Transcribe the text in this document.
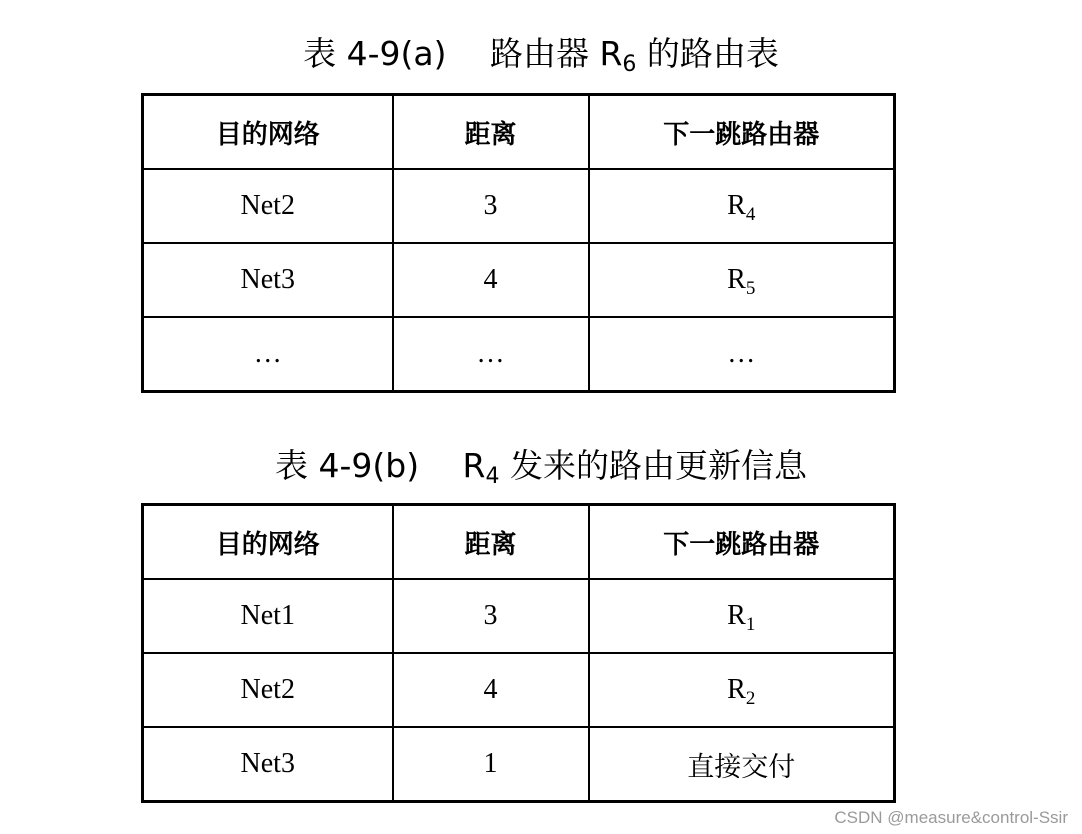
表 4-9(a)　 路由器 $R_6$ 的路由表
目的网络	距离	下一跳路由器
Net2	3	$R_4$
Net3	4	$R_5$
…	…	…
表 4-9(b)　 $R_4$ 发来的路由更新信息
目的网络	距离	下一跳路由器
Net1	3	$R_1$
Net2	4	$R_2$
Net3	1	直接交付
CSDN @measure&control-Ssir
